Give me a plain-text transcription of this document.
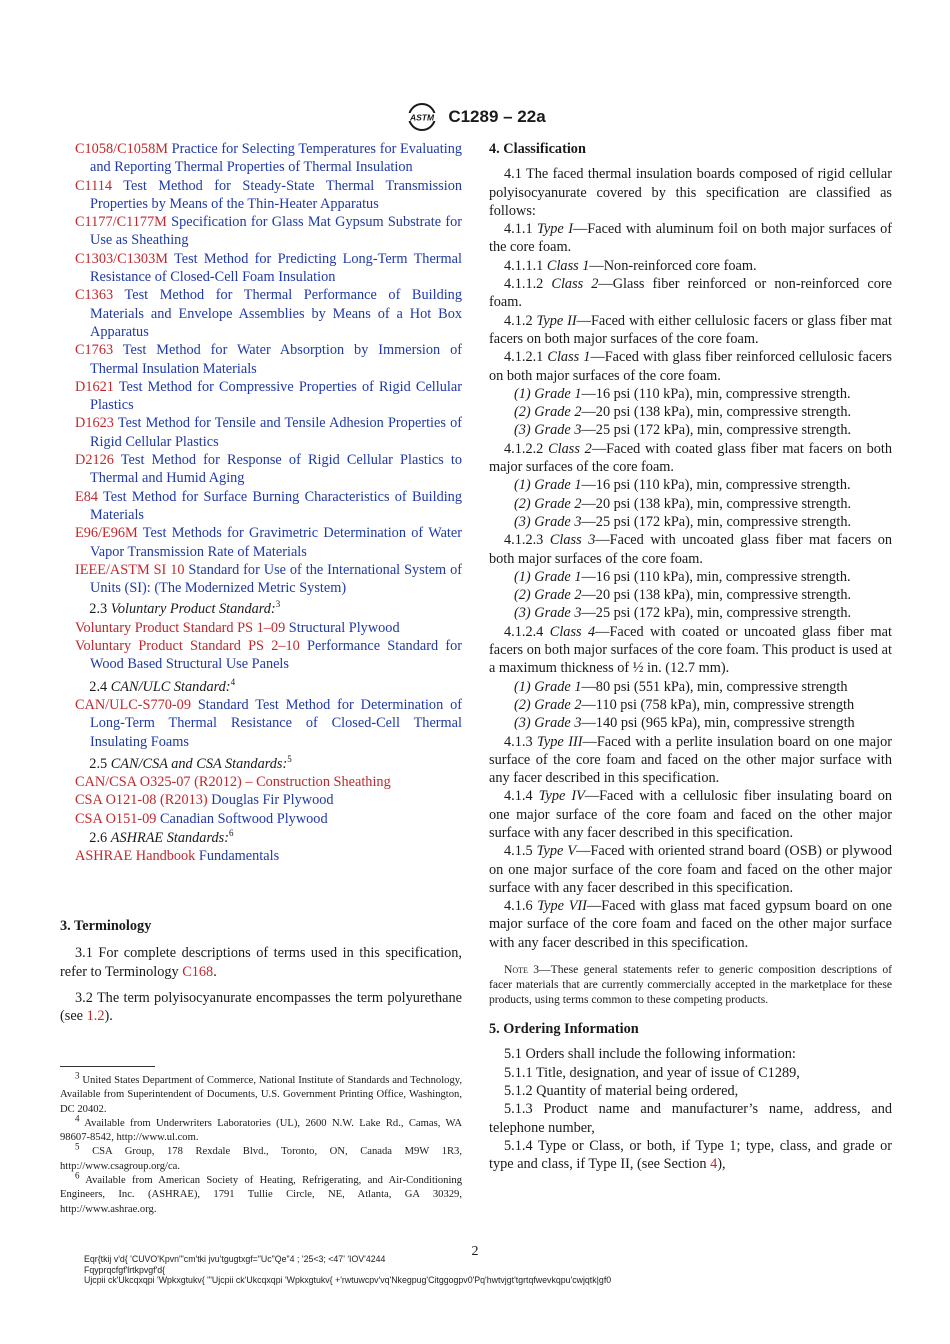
ASTM C1289 – 22a

C1058/C1058M Practice for Selecting Temperatures for Evaluating and Reporting Thermal Properties of Thermal Insulation

C1114 Test Method for Steady-State Thermal Transmission Properties by Means of the Thin-Heater Apparatus

C1177/C1177M Specification for Glass Mat Gypsum Substrate for Use as Sheathing

C1303/C1303M Test Method for Predicting Long-Term Thermal Resistance of Closed-Cell Foam Insulation

C1363 Test Method for Thermal Performance of Building Materials and Envelope Assemblies by Means of a Hot Box Apparatus

C1763 Test Method for Water Absorption by Immersion of Thermal Insulation Materials

D1621 Test Method for Compressive Properties of Rigid Cellular Plastics

D1623 Test Method for Tensile and Tensile Adhesion Properties of Rigid Cellular Plastics

D2126 Test Method for Response of Rigid Cellular Plastics to Thermal and Humid Aging

E84 Test Method for Surface Burning Characteristics of Building Materials

E96/E96M Test Methods for Gravimetric Determination of Water Vapor Transmission Rate of Materials

IEEE/ASTM SI 10 Standard for Use of the International System of Units (SI): (The Modernized Metric System)

2.3 Voluntary Product Standard:$^3$

Voluntary Product Standard PS 1–09 Structural Plywood

Voluntary Product Standard PS 2–10 Performance Standard for Wood Based Structural Use Panels

2.4 CAN/ULC Standard:$^4$

CAN/ULC-S770-09 Standard Test Method for Determination of Long-Term Thermal Resistance of Closed-Cell Thermal Insulating Foams

2.5 CAN/CSA and CSA Standards:$^5$

CAN/CSA O325-07 (R2012) – Construction Sheathing

CSA O121-08 (R2013) Douglas Fir Plywood

CSA O151-09 Canadian Softwood Plywood

2.6 ASHRAE Standards:$^6$

ASHRAE Handbook Fundamentals

3. Terminology

3.1 For complete descriptions of terms used in this specification, refer to Terminology C168.

3.2 The term polyisocyanurate encompasses the term polyurethane (see 1.2).

$^3$ United States Department of Commerce, National Institute of Standards and Technology, Available from Superintendent of Documents, U.S. Government Printing Office, Washington, DC 20402.

$^4$ Available from Underwriters Laboratories (UL), 2600 N.W. Lake Rd., Camas, WA 98607-8542, http://www.ul.com.

$^5$ CSA Group, 178 Rexdale Blvd., Toronto, ON, Canada M9W 1R3, http://www.csagroup.org/ca.

$^6$ Available from American Society of Heating, Refrigerating, and Air-Conditioning Engineers, Inc. (ASHRAE), 1791 Tullie Circle, NE, Atlanta, GA 30329, http://www.ashrae.org.

4. Classification

4.1 The faced thermal insulation boards composed of rigid cellular polyisocyanurate covered by this specification are classified as follows:

4.1.1 Type I—Faced with aluminum foil on both major surfaces of the core foam.

4.1.1.1 Class 1—Non-reinforced core foam.

4.1.1.2 Class 2—Glass fiber reinforced or non-reinforced core foam.

4.1.2 Type II—Faced with either cellulosic facers or glass fiber mat facers on both major surfaces of the core foam.

4.1.2.1 Class 1—Faced with glass fiber reinforced cellulosic facers on both major surfaces of the core foam.

(1) Grade 1—16 psi (110 kPa), min, compressive strength.

(2) Grade 2—20 psi (138 kPa), min, compressive strength.

(3) Grade 3—25 psi (172 kPa), min, compressive strength.

4.1.2.2 Class 2—Faced with coated glass fiber mat facers on both major surfaces of the core foam.

(1) Grade 1—16 psi (110 kPa), min, compressive strength.

(2) Grade 2—20 psi (138 kPa), min, compressive strength.

(3) Grade 3—25 psi (172 kPa), min, compressive strength.

4.1.2.3 Class 3—Faced with uncoated glass fiber mat facers on both major surfaces of the core foam.

(1) Grade 1—16 psi (110 kPa), min, compressive strength.

(2) Grade 2—20 psi (138 kPa), min, compressive strength.

(3) Grade 3—25 psi (172 kPa), min, compressive strength.

4.1.2.4 Class 4—Faced with coated or uncoated glass fiber mat facers on both major surfaces of the core foam. This product is used at a maximum thickness of ½ in. (12.7 mm).

(1) Grade 1—80 psi (551 kPa), min, compressive strength

(2) Grade 2—110 psi (758 kPa), min, compressive strength

(3) Grade 3—140 psi (965 kPa), min, compressive strength

4.1.3 Type III—Faced with a perlite insulation board on one major surface of the core foam and faced on the other major surface with any facer described in this specification.

4.1.4 Type IV—Faced with a cellulosic fiber insulating board on one major surface of the core foam and faced on the other major surface with any facer described in this specification.

4.1.5 Type V—Faced with oriented strand board (OSB) or plywood on one major surface of the core foam and faced on the other major surface with any facer described in this specification.

4.1.6 Type VII—Faced with glass mat faced gypsum board on one major surface of the core foam and faced on the other major surface with any facer described in this specification.

Note 3—These general statements refer to generic composition descriptions of facer materials that are currently commercially accepted in the marketplace for these products, using terms common to these competing products.

5. Ordering Information

5.1 Orders shall include the following information:

5.1.1 Title, designation, and year of issue of C1289,

5.1.2 Quantity of material being ordered,

5.1.3 Product name and manufacturer’s name, address, and telephone number,

5.1.4 Type or Class, or both, if Type 1; type, class, and grade or type and class, if Type II, (see Section 4),

2
Eqr{tkij v'd{ 'CUVO'Kpvn'"cm'tki jvu'tgugtxgf="Uc"Qe"4 ; '25<3; <47' 'IOV'4244
Fqyprqcfgf'lrtkpvgf'd{
Ujcpii ck'Ukcqxqpi 'Wpkxgtukv{ "'Ujcpii ck'Ukcqxqpi 'Wpkxgtukv{ +'rwtuwcpv'vq'Nkegpug'Citggogpv0'Pq'hwtvjgt'tgrtqfwevkqpu'cwjqtk|gf0
